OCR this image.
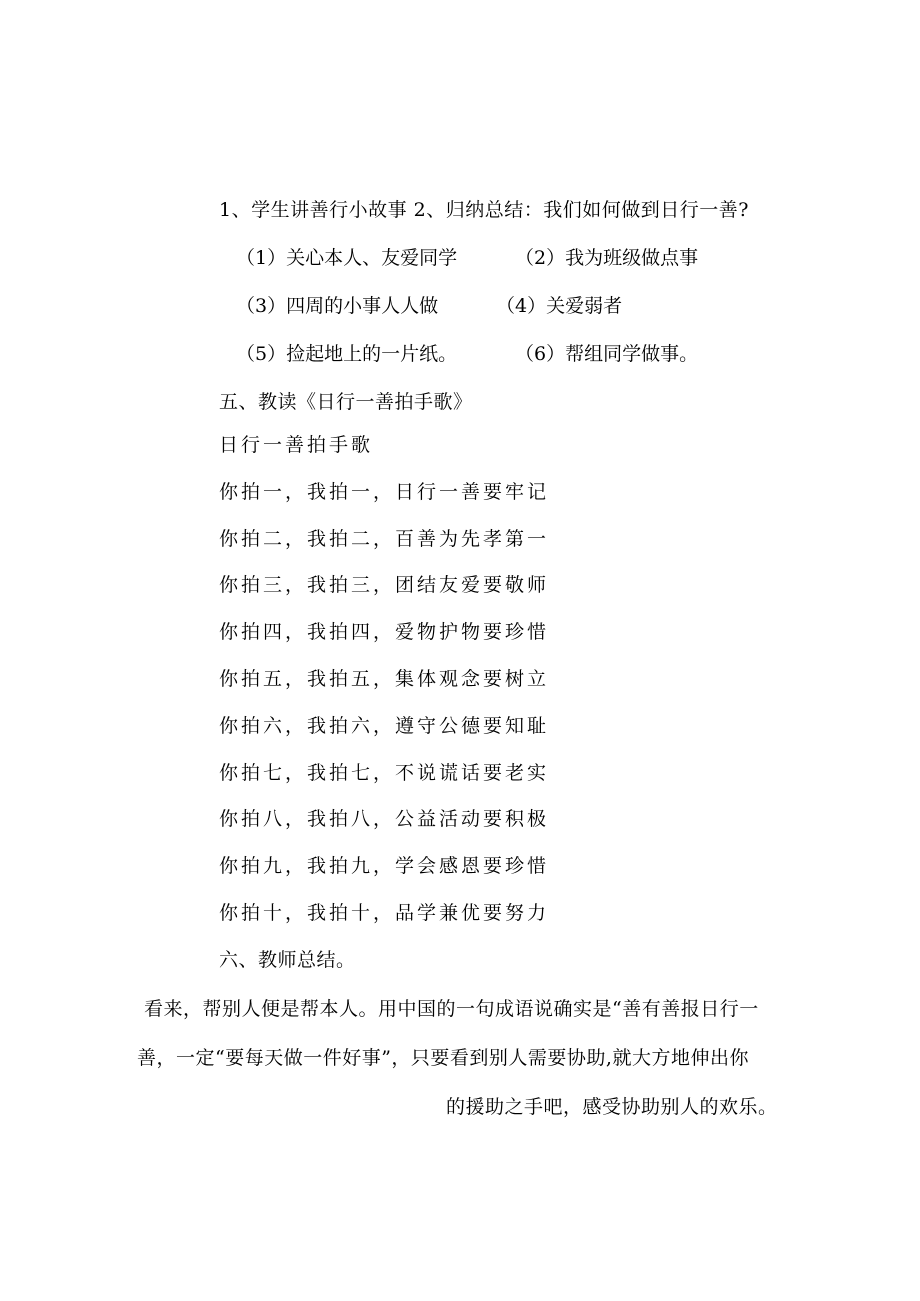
1、学生讲善行小故事 2、归纳总结：我们如何做到日行一善?
（1）关心本人、友爱同学	（2）我为班级做点事
（3）四周的小事人人做	（4）关爱弱者
（5）捡起地上的一片纸。	（6）帮组同学做事。
五、教读《日行一善拍手歌》
日行一善拍手歌
你拍一，我拍一，日行一善要牢记
你拍二，我拍二，百善为先孝第一
你拍三，我拍三，团结友爱要敬师
你拍四，我拍四，爱物护物要珍惜
你拍五，我拍五，集体观念要树立
你拍六，我拍六，遵守公德要知耻
你拍七，我拍七，不说谎话要老实
你拍八，我拍八，公益活动要积极
你拍九，我拍九，学会感恩要珍惜
你拍十，我拍十，品学兼优要努力
六、教师总结。
看来，帮别人便是帮本人。用中国的一句成语说确实是“善有善报日行一
善，一定“要每天做一件好事”，只要看到别人需要协助,就大方地伸出你
的援助之手吧，感受协助别人的欢乐。
